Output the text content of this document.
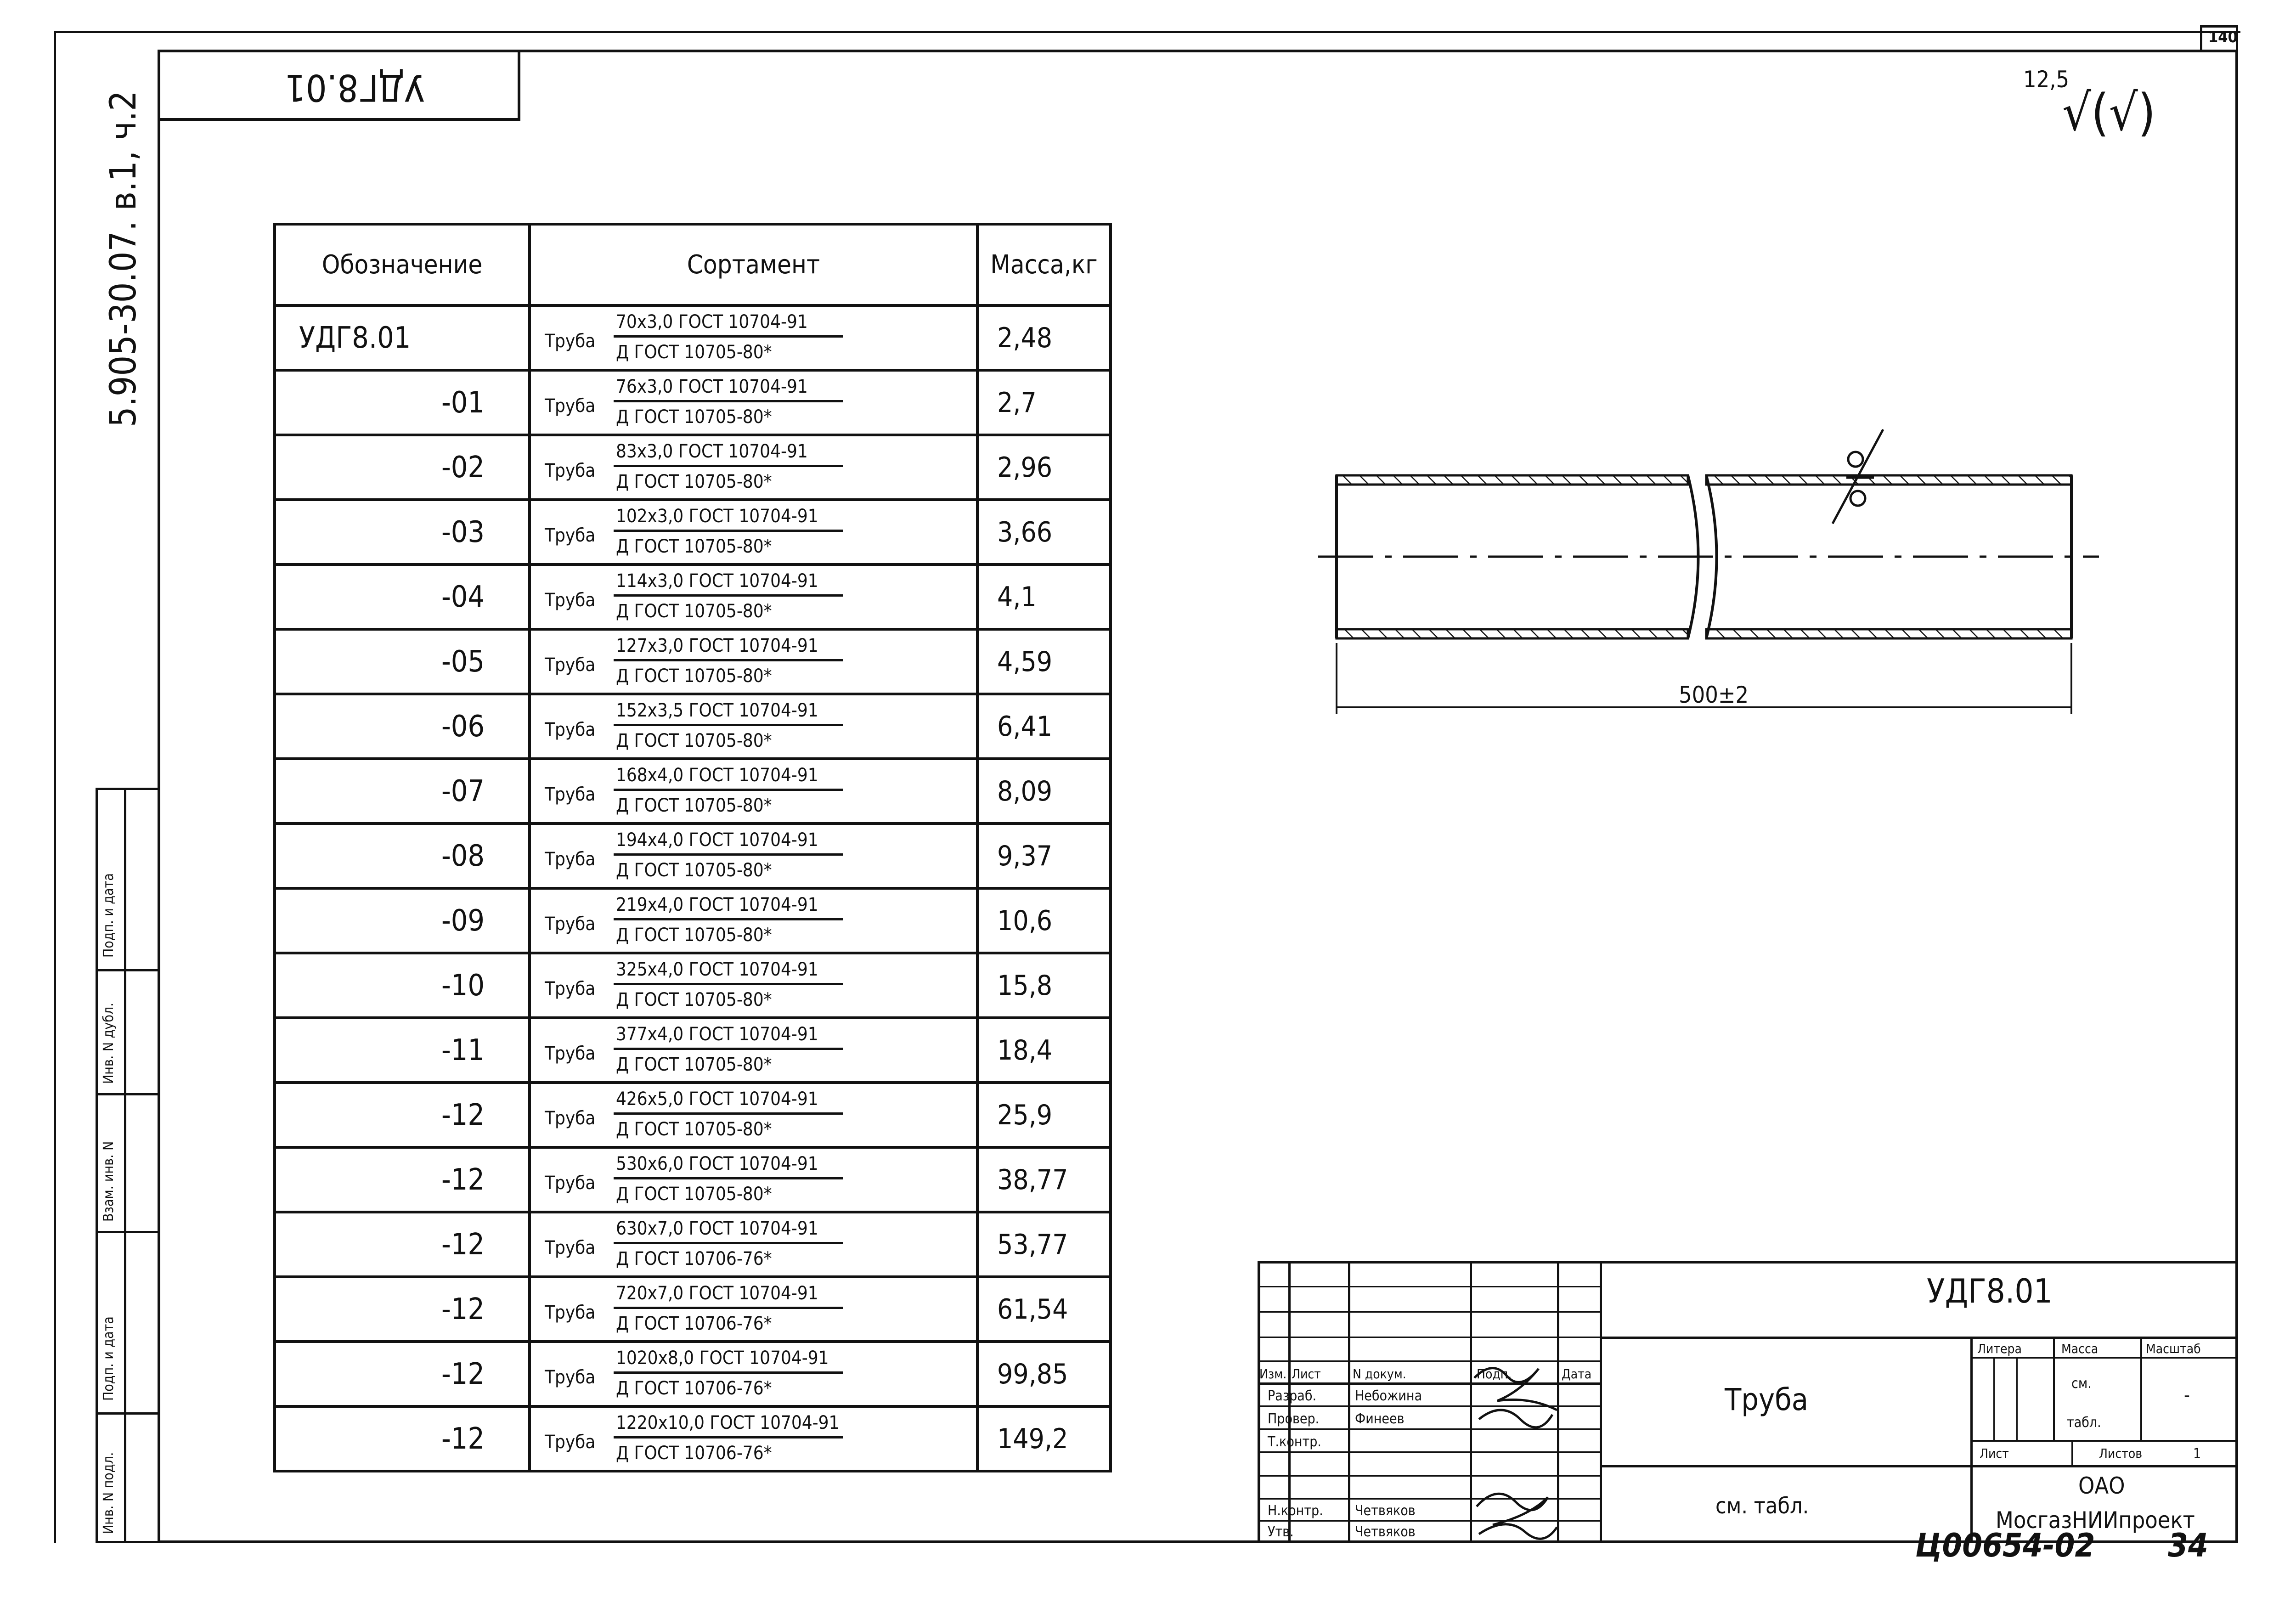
140
УДГ8.01
5.905-30.07. в.1, ч.2
12,5
√(√)
Подп. и дата
Инв. N дубл.
Взам. инв. N
Подп. и дата
Инв. N подл.
Обозначение	Сортамент	Масса,кг
УДГ8.01	Труба
70х3,0 ГОСТ 10704-91
Д ГОСТ 10705-80*	2,48
-01	Труба
76х3,0 ГОСТ 10704-91
Д ГОСТ 10705-80*	2,7
-02	Труба
83х3,0 ГОСТ 10704-91
Д ГОСТ 10705-80*	2,96
-03	Труба
102х3,0 ГОСТ 10704-91
Д ГОСТ 10705-80*	3,66
-04	Труба
114х3,0 ГОСТ 10704-91
Д ГОСТ 10705-80*	4,1
-05	Труба
127х3,0 ГОСТ 10704-91
Д ГОСТ 10705-80*	4,59
-06	Труба
152х3,5 ГОСТ 10704-91
Д ГОСТ 10705-80*	6,41
-07	Труба
168х4,0 ГОСТ 10704-91
Д ГОСТ 10705-80*	8,09
-08	Труба
194х4,0 ГОСТ 10704-91
Д ГОСТ 10705-80*	9,37
-09	Труба
219х4,0 ГОСТ 10704-91
Д ГОСТ 10705-80*	10,6
-10	Труба
325х4,0 ГОСТ 10704-91
Д ГОСТ 10705-80*	15,8
-11	Труба
377х4,0 ГОСТ 10704-91
Д ГОСТ 10705-80*	18,4
-12	Труба
426х5,0 ГОСТ 10704-91
Д ГОСТ 10705-80*	25,9
-12	Труба
530х6,0 ГОСТ 10704-91
Д ГОСТ 10705-80*	38,77
-12	Труба
630х7,0 ГОСТ 10704-91
Д ГОСТ 10706-76*	53,77
-12	Труба
720х7,0 ГОСТ 10704-91
Д ГОСТ 10706-76*	61,54
-12	Труба
1020х8,0 ГОСТ 10704-91
Д ГОСТ 10706-76*	99,85
-12	Труба
1220х10,0 ГОСТ 10704-91
Д ГОСТ 10706-76*	149,2
500±2
Изм. Лист N докум.	Подп.	Дата
Разраб.	Небожина
Провер.	Финеев
Т.контр.
Н.контр. Четвяков
Утв.	Четвяков
УДГ8.01
Труба
см. табл.
ОАО
МосгазНИИпроект
Литера	Масса	Масштаб
см.
табл.
-
Лист	Листов	1
Ц00654-02 34
